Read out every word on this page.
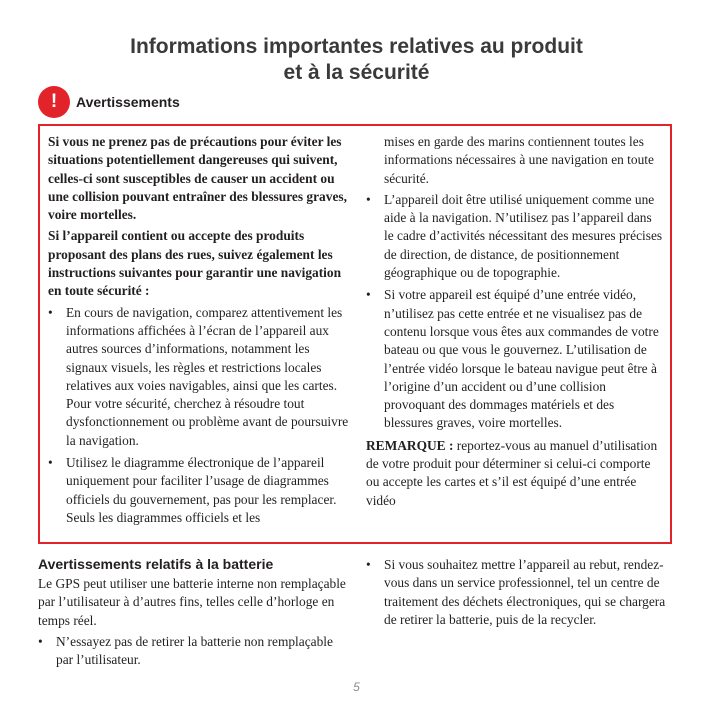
Informations importantes relatives au produit
et à la sécurité
!	Avertissements

Si vous ne prenez pas de précautions pour éviter les situations potentiellement dangereuses qui suivent, celles-ci sont susceptibles de causer un accident ou une collision pouvant entraîner des blessures graves, voire mortelles.

Si l’appareil contient ou accepte des produits proposant des plans des rues, suivez également les instructions suivantes pour garantir une navigation en toute sécurité :

• En cours de navigation, comparez attentivement les informations affichées à l’écran de l’appareil aux autres sources d’informations, notamment les signaux visuels, les règles et restrictions locales relatives aux voies navigables, ainsi que les cartes. Pour votre sécurité, cherchez à résoudre tout dysfonctionnement ou problème avant de poursuivre la navigation.
• Utilisez le diagramme électronique de l’appareil uniquement pour faciliter l’usage de diagrammes officiels du gouvernement, pas pour les remplacer. Seuls les diagrammes officiels et les

mises en garde des marins contiennent toutes les informations nécessaires à une navigation en toute sécurité.

• L’appareil doit être utilisé uniquement comme une aide à la navigation. N’utilisez pas l’appareil dans le cadre d’activités nécessitant des mesures précises de direction, de distance, de positionnement géographique ou de topographie.
• Si votre appareil est équipé d’une entrée vidéo, n’utilisez pas cette entrée et ne visualisez pas de contenu lorsque vous êtes aux commandes de votre bateau ou que vous le gouvernez. L’utilisation de l’entrée vidéo lorsque le bateau navigue peut être à l’origine d’un accident ou d’une collision provoquant des dommages matériels et des blessures graves, voire mortelles.

REMARQUE : reportez-vous au manuel d’utilisation de votre produit pour déterminer si celui-ci comporte ou accepte les cartes et s’il est équipé d’une entrée vidéo

Avertissements relatifs à la batterie

Le GPS peut utiliser une batterie interne non remplaçable par l’utilisateur à d’autres fins, telles celle d’horloge en temps réel.

• N’essayez pas de retirer la batterie non remplaçable par l’utilisateur.
• Si vous souhaitez mettre l’appareil au rebut, rendez-vous dans un service professionnel, tel un centre de traitement des déchets électroniques, qui se chargera de retirer la batterie, puis de la recycler.
5
